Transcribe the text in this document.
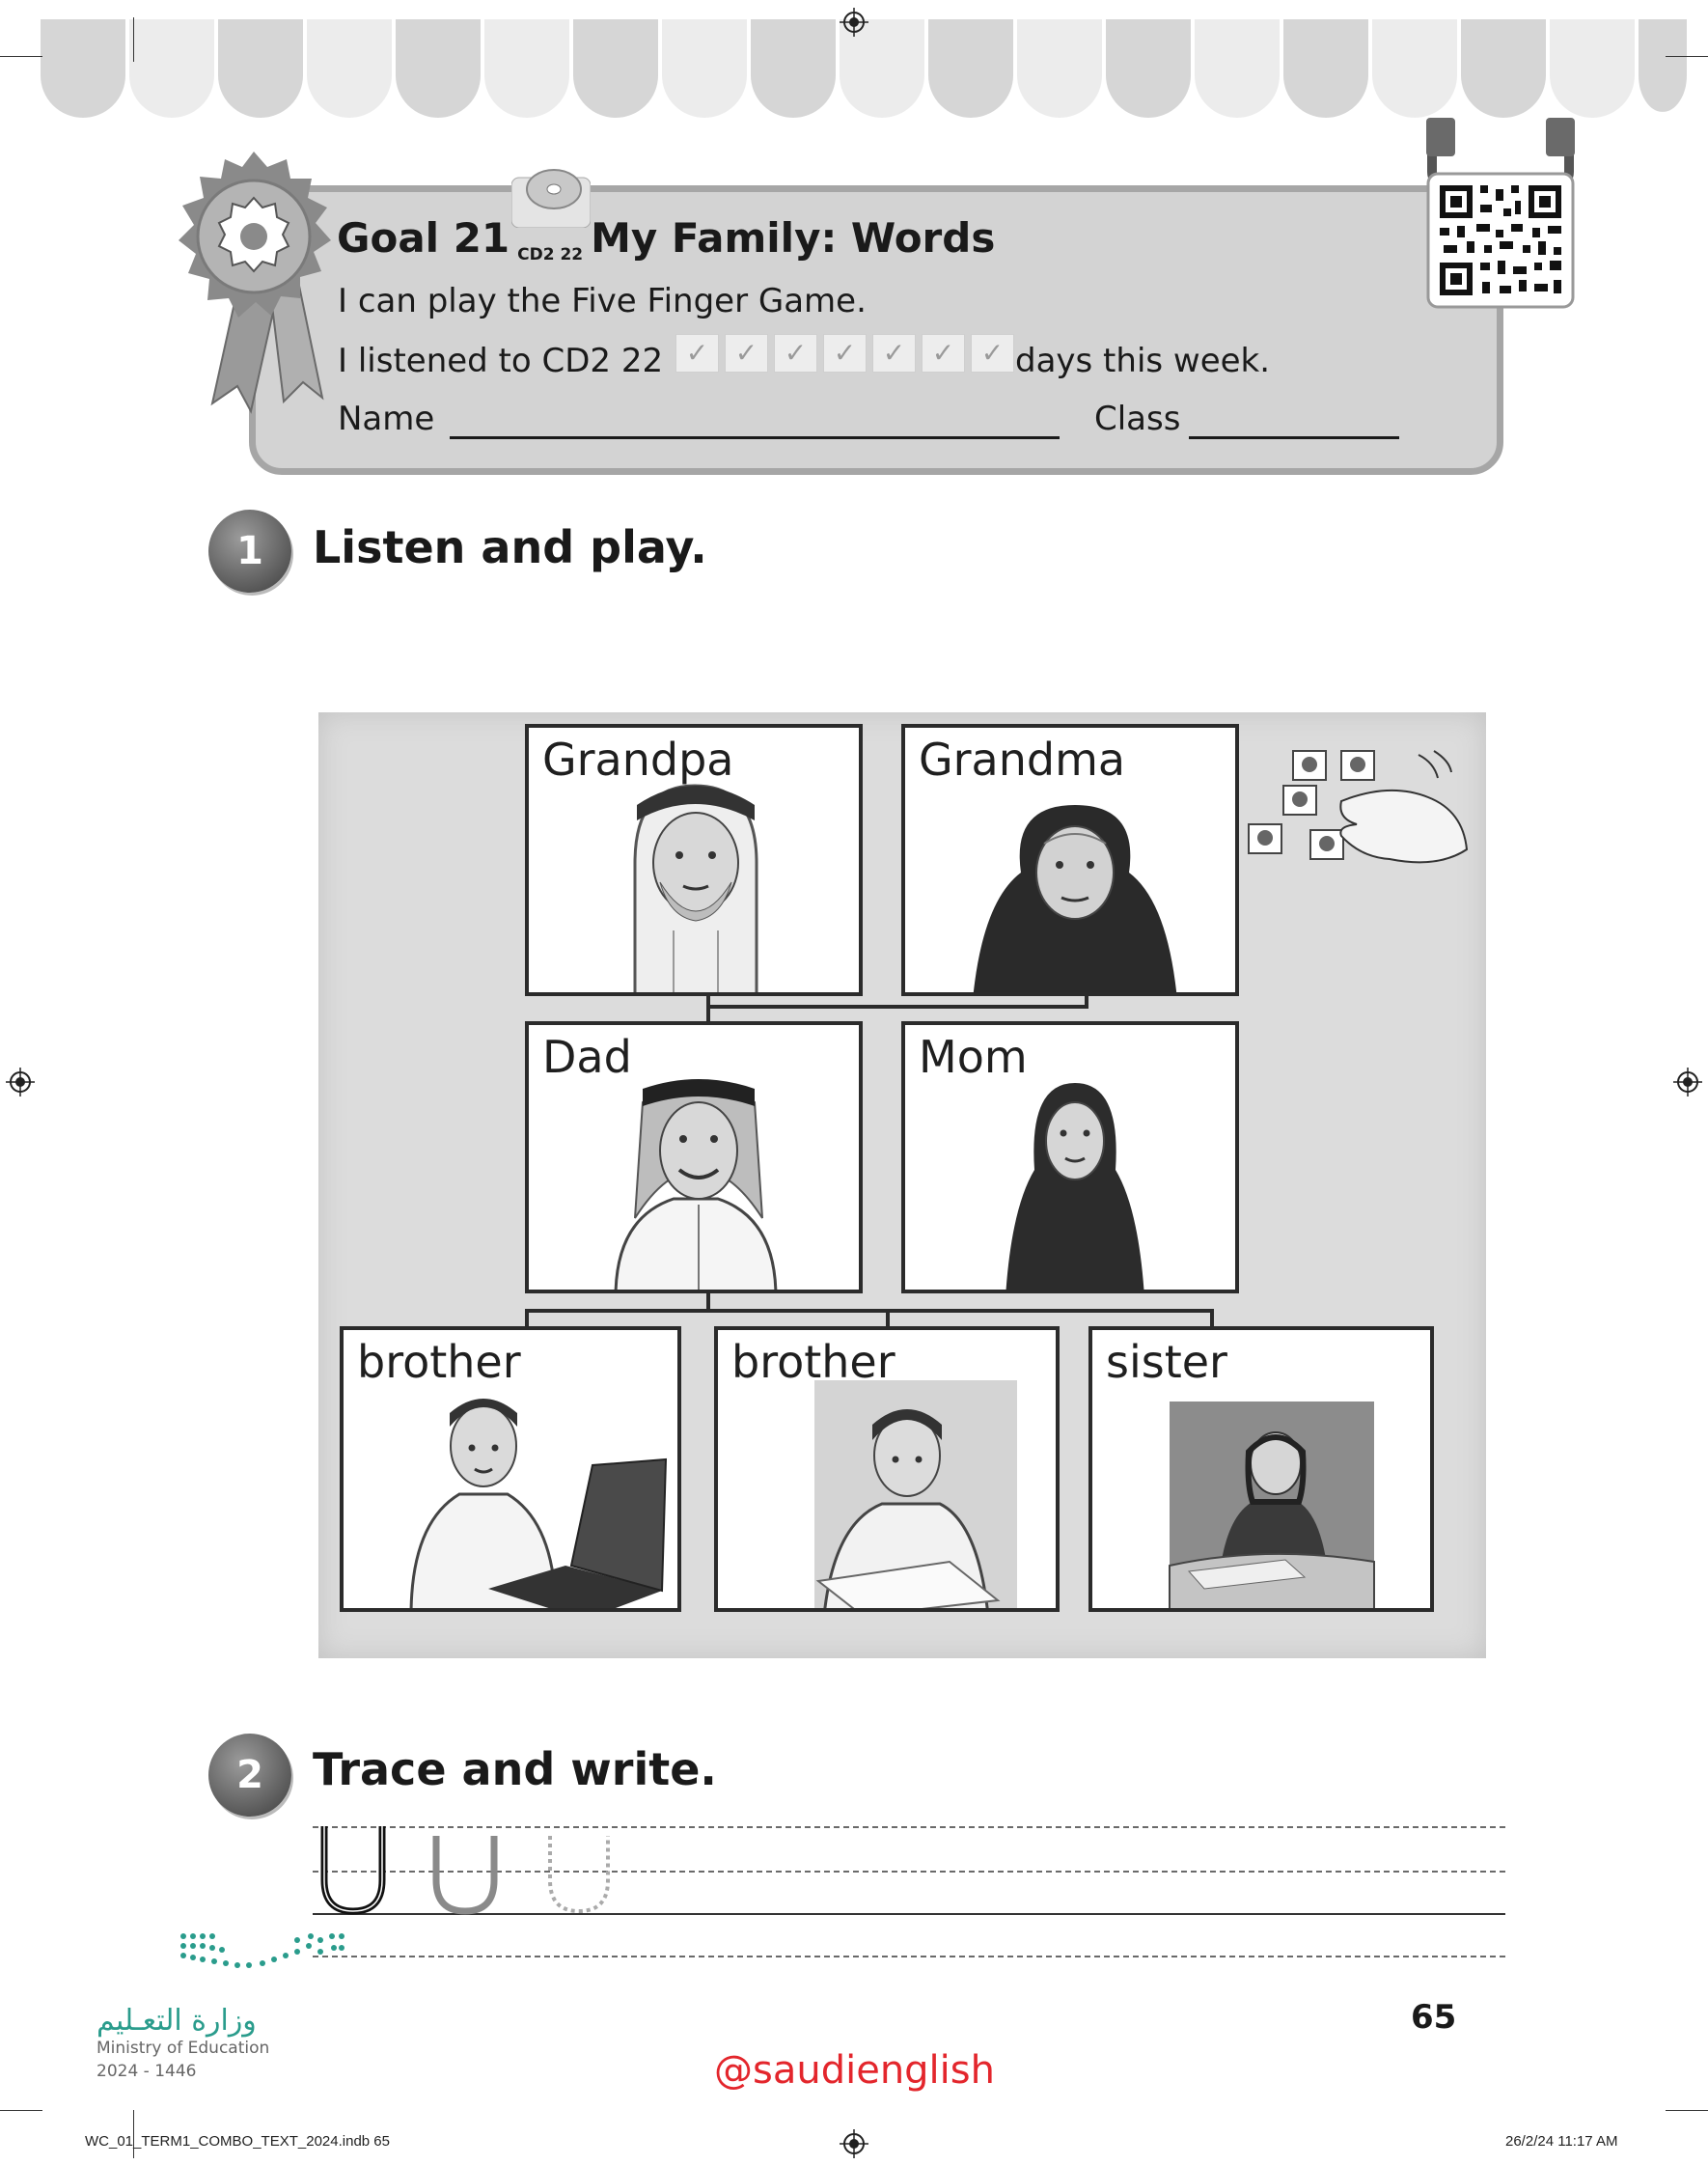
Goal 21 CD2 22 My Family: Words
I can play the Five Finger Game.
I listened to CD2 22 ✓ ✓ ✓ ✓ ✓ ✓ ✓ days this week.
Name	Class
1	Listen and play.
Grandpa	Grandma
Dad	Mom
brother	brother	sister
2	Trace and write.
وزارة التعـليم
Ministry of Education
2024 - 1446
65
@saudienglish
WC_01_TERM1_COMBO_TEXT_2024.indb 65	26/2/24 11:17 AM
